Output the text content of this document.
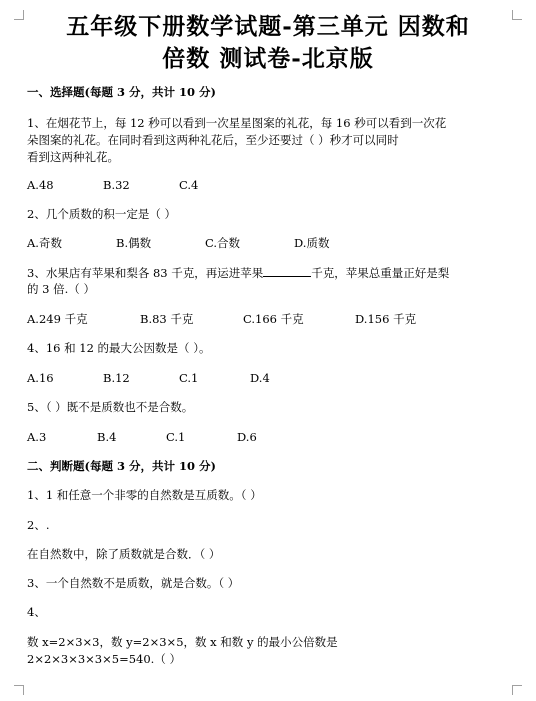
五年级下册数学试题-第三单元 因数和
倍数 测试卷-北京版
一、选择题(每题 3 分，共计 10 分)
1、在烟花节上，每 12 秒可以看到一次星星图案的礼花，每 16 秒可以看到一次花
朵图案的礼花。在同时看到这两种礼花后，至少还要过（ ）秒才可以同时
看到这两种礼花。
A.48	B.32	C.4
2、几个质数的积一定是（ ）
A.奇数	B.偶数	C.合数	D.质数
3、水果店有苹果和梨各 83 千克，再运进苹果	千克，苹果总重量正好是梨
的 3 倍.（ ）
A.249 千克	B.83 千克	C.166 千克	D.156 千克
4、16 和 12 的最大公因数是（ ）。
A.16	B.12	C.1	D.4
5、（ ）既不是质数也不是合数。
A.3	B.4	C.1	D.6
二、判断题(每题 3 分，共计 10 分)
1、1 和任意一个非零的自然数是互质数。（ ）
2、.
在自然数中，除了质数就是合数．（ ）
3、一个自然数不是质数，就是合数。（ ）
4、
数 x=2×3×3，数 y=2×3×5，数 x 和数 y 的最小公倍数是
2×2×3×3×3×5=540.（ ）
